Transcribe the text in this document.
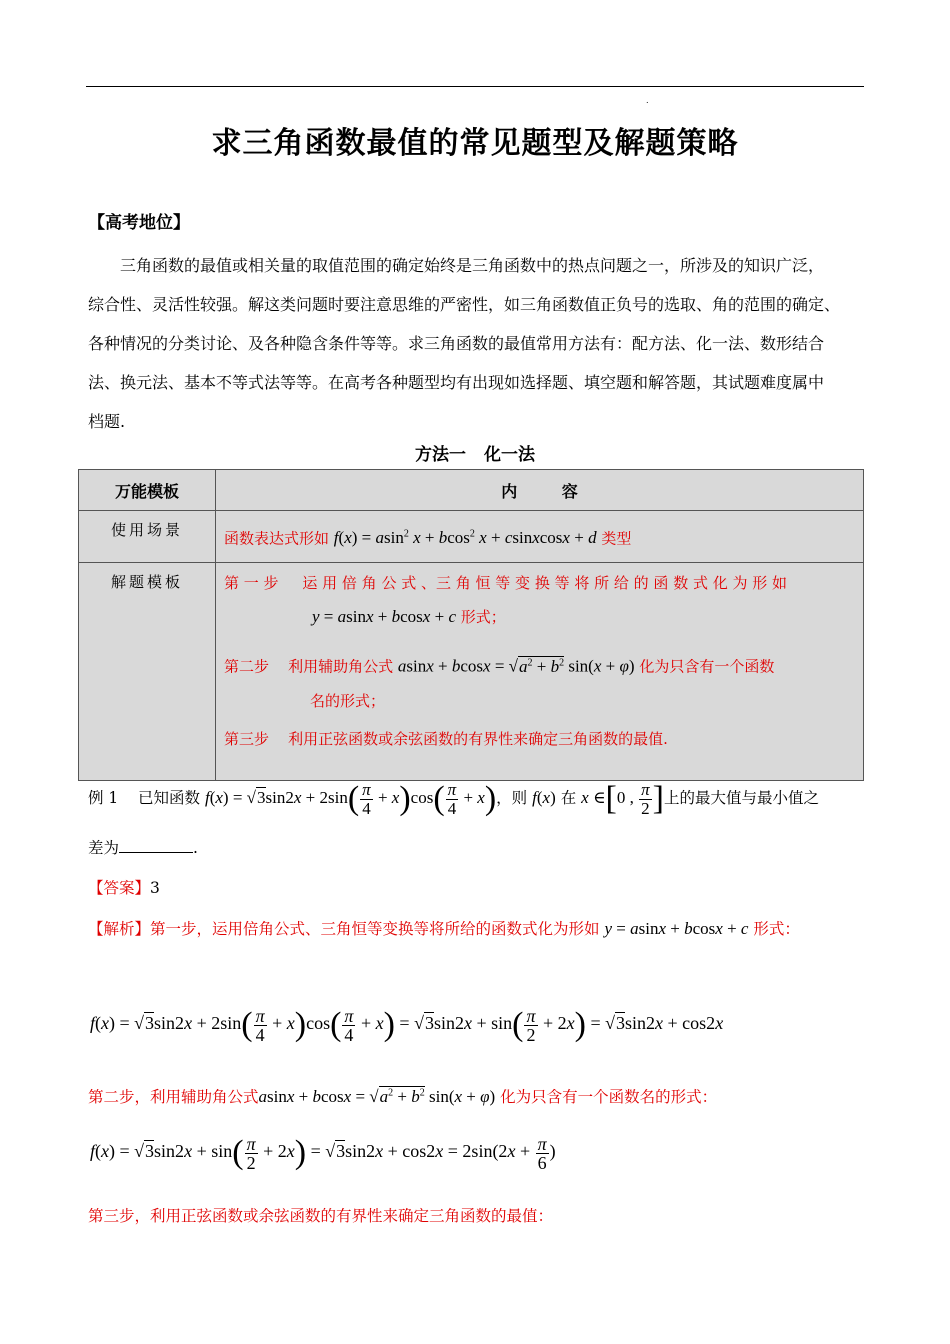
.
求三角函数最值的常见题型及解题策略
【高考地位】

三角函数的最值或相关量的取值范围的确定始终是三角函数中的热点问题之一，所涉及的知识广泛，

综合性、灵活性较强。解这类问题时要注意思维的严密性，如三角函数值正负号的选取、角的范围的确定、

各种情况的分类讨论、及各种隐含条件等等。求三角函数的最值常用方法有：配方法、化一法、数形结合

法、换元法、基本不等式法等等。在高考各种题型均有出现如选择题、填空题和解答题，其试题难度属中

档题.

方法一 化一法
万能模板	内        容
使用场景	函数表达式形如 f(x) = asin$^2$ x + bcos$^2$ x + csinxcosx + d 类型
解题模板	第 一 步     运 用 倍 角 公 式 、三 角 恒 等 变 换 等 将 所 给 的 函 数 式 化 为 形 如
y = asinx + bcosx + c 形式；
第二步    利用辅助角公式 $asinx + bcosx = √a^2 + b^2$ sin(x + φ) 化为只含有一个函数
名的形式；
第三步    利用正弦函数或余弦函数的有界性来确定三角函数的最值.
例 1 已知函数 $f(x) = √3\sin 2x + 2\sin( \frac{\pi}{4} + x)\cos( \frac{\pi}{4} + x)$，则 f(x) 在 x ∈[0 , $\frac{\pi}{2}$ ]上的最大值与最小值之
差为	.
【答案】3
【解析】第一步，运用倍角公式、三角恒等变换等将所给的函数式化为形如 y = asinx + bcosx + c 形式：
$f(x) = √3\sin 2x + 2\sin( \frac{\pi}{4} + x)\cos( \frac{\pi}{4} + x) = √3\sin 2x + \sin( \frac{\pi}{2} + 2x) = √3\sin 2x + \cos 2x$
第二步，利用辅助角公式$asinx + bcosx = √a^2 + b^2$ sin(x + φ) 化为只含有一个函数名的形式：
$f(x) = √3\sin 2x + \sin( \frac{\pi}{2} + 2x) = √3\sin 2x + \cos 2x = 2\sin(2x + \frac{\pi}{6}$ )
第三步，利用正弦函数或余弦函数的有界性来确定三角函数的最值：
